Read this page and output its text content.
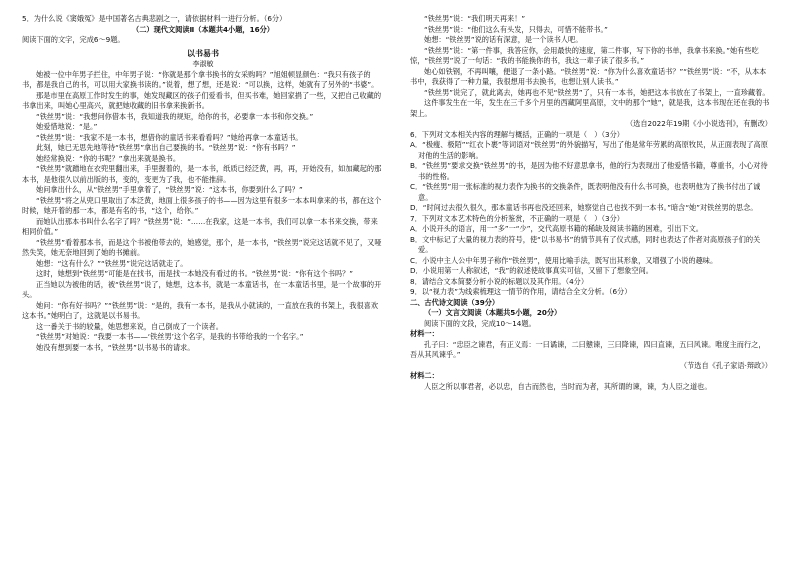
5．为什么说《窦娥冤》是中国著名古典悲剧之一，请依据材料一进行分析。（6分）

（二）现代文阅读Ⅱ（本题共4小题，16分）

阅读下面的文字，完成6～9题。

以书易书

李淑敏

她被一位中年男子拦住，中年男子说：“你就是那个拿书换书的女采购吗？”旭姐顿显颜色：“我只有孩子的书，都是我自己的书，可以用大家换书读的。”说着，想了想，还是说：“可以换，这样，她就有了另外的“书婆”。

那是市里在高原工作时发生的事，她发现藏区的孩子们爱看书，但买书难，她回家捐了一些，又把自己收藏的书拿出来，叫她心里高兴，就把她收藏的旧书拿来换新书。

“铁丝男”说：“我想问你借本书，我知道我的规矩，给你的书，必要拿一本书和你交换。”

她爱惜地说：“是。”

“铁丝男”说：“我家不是一本书，想借你的童话书来看看吗？”她给再拿一本童话书。

此刻，她已无思先地等待“铁丝男”拿出自己要换的书。“铁丝男”说：“你有书吗？”

她经常换说：“你的书呢？”拿出来就是换书。

“铁丝男”就蹭地在衣兜里翻出来，手里握着的，是一本书，纸质已经泛黄，再，再，开始没有，如加藏起的那本书，是他很久以前出版的书，变的，变更为了我，也不能推辞。

她问拿出什么，从“铁丝男”手里拿着了，“铁丝男”说：“这本书，你要到什么了吗？”

“铁丝男”将之从兜口里取出了本泛黄，地面上很多孩子的书——因为这里有很多一本本叫拿来的书，都在这个时候，她开着的那一本，都是有名的书，“这个，给你。”

而她认出那本书叫什么名字了吗？“铁丝男”说：“……在我家，这是一本书，我们可以拿一本书来交换，带来相同价值。”

“铁丝男”看着那本书，而是这个书被他带去的，她感觉，那个，是一本书，“铁丝男”说完这话就不见了，又哑然失笑，她无奈地回到了她的书摊前。

她想：“这有什么？”“铁丝男”说完这话就走了。

这时，她想到“铁丝男”可能是在找书，而是找一本她没有看过的书。“铁丝男”说：“你有这个书吗？”

正当她以为被他的话，被“铁丝男”说了，她想，这本书，就是一本童话书，在一本童话书里，是一个故事的开头。

她问：“你有好书吗？”“铁丝男”说：“是的，我有一本书，是我从小就读的，一直放在我的书架上，我很喜欢这本书。”她明白了，这就是以书易书。

这一番关于书的较量，她思想来说，自己倒成了一个读者。

“铁丝男”对她说：“我要一本书——‘铁丝男’这个名字，是我的书带给我的一个名字。”

她没有想到要一本书，“铁丝男”以书易书的请求。

“铁丝男”说：“我们明天再来！”

“铁丝男”说：“他们这么有头发，只得去，可惜不能带书。”

她想：“铁丝男”说的话有深意，是一个读书人吧。

“铁丝男”说：“第一件事，我答应你，会用最快的速度，第二件事，写下你的书单，我拿书来换。”她有些吃惊，“铁丝男”说了一句话：“我的书能换你的书，我这一辈子读了很多书。”

她心如铁钢，不再叫嚷，便退了一条小路。“铁丝男”说：“你为什么喜欢童话书？”“铁丝男”说：“不，从本本书中，我获得了一种力量，我很想用书去换书，也想让别人读书。”

“铁丝男”说完了，就此离去，她再也不见“铁丝男”了，只有一本书，她把这本书放在了书架上，一直珍藏着。

这件事发生在一年，发生在三千多个月里的西藏阿里高原，文中的那个“她”，就是我，这本书现在还在我的书架上。

（选自2022年19期《小小说选刊》，有删改）

6．下列对文本相关内容的理解与概括，正确的一项是（　）（3分）

A．“极瘦、极陌”“红衣卜裹”等词语对“铁丝男”的外貌描写，写出了他是常年劳累的高原牧民，从正面表现了高原对他的生活的影响。

B．“铁丝男”要求交换“铁丝男”的书，是因为他不好意思拿书，他的行为表现出了他爱惜书籍，尊重书，小心对待书的性格。

C．“铁丝男”用一张标准的视力表作为换书的交换条件，既表明他没有什么书可换，也表明他为了换书付出了诚意。

D．“时间过去很久很久，那本童话书再也没还回来，她察觉自己也找不到一本书。”暗含“她”对铁丝男的思念。

7．下列对文本艺术特色的分析鉴赏，不正确的一项是（　）（3分）

A．小说开头的语言，用一“多”一“少”，交代高原书籍的稀缺及阅读书籍的困难，引出下文。

B．文中标记了大量的视力表的符号，使“以书易书”的情节具有了仪式感，同时也表达了作者对高原孩子们的关爱。

C．小说中主人公中年男子称作“铁丝男”，使用比喻手法，既写出其形象，又增强了小说的趣味。

D．小说用第一人称叙述，“我”的叙述使故事真实可信，又留下了想象空间。

8．请结合文本简要分析小说的标题以及其作用。（4分）

9．以“视力表”为线索梳理这一情节的作用，请结合全文分析。（6分）

二、古代诗文阅读（39分）

（一）文言文阅读（本题共5小题，20分）

阅读下面的文段，完成10～14题。

材料一：

孔子曰：“忠臣之谏君，有正义焉：一曰谲谏，二曰戆谏，三曰降谏，四曰直谏，五曰风谏。唯度主而行之，吾从其风谏乎。”

（节选自《孔子家语·辩政》）

材料二：

人臣之所以事君者，必以忠，自古而然也，当时而为者，其所谓的谏，谏，为人臣之道也。
